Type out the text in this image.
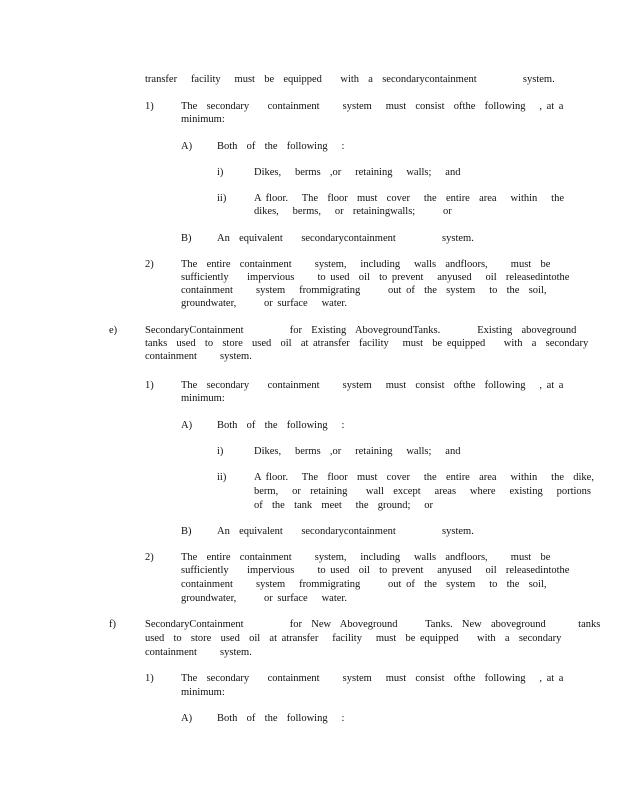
transfer   facility   must  be  equipped    with  a  secondarycontainment          system.
1)	The  secondary    containment     system   must  consist  ofthe  following   , at a
minimum:
A) Both  of  the  following   :
i)	Dikes,   berms  ,or   retaining   walls;   and
ii)	A floor.   The  floor  must  cover   the  entire  area   within   the
dikes,   berms,   or  retainingwalls;      or
B) An  equivalent    secondarycontainment          system.
2)	The  entire  containment     system,   including   walls  andfloors,     must  be
sufficiently    impervious     to used  oil  to prevent   anyused   oil  releasedintothe
containment     system   frommigrating      out of  the  system   to  the  soil,
groundwater,      or surface   water.
e)	SecondaryContainment          for  Existing  AbovegroundTanks.        Existing  aboveground
tanks  used  to  store  used  oil  at atransfer  facility   must  be equipped    with  a  secondary
containment     system.
1)	The  secondary    containment     system   must  consist  ofthe  following   , at a
minimum:
A) Both  of  the  following   :
i)	Dikes,   berms  ,or   retaining   walls;   and
ii)	A floor.   The  floor  must  cover   the  entire  area   within   the  dike,
berm,   or  retaining    wall  except   areas   where   existing   portions
of  the  tank  meet   the  ground;   or
B) An  equivalent    secondarycontainment          system.
2)	The  entire  containment     system,   including   walls  andfloors,     must  be
sufficiently    impervious     to used  oil  to prevent   anyused   oil  releasedintothe
containment     system   frommigrating      out of  the  system   to  the  soil,
groundwater,      or surface   water.
f)	SecondaryContainment          for  New  Aboveground      Tanks.  New  aboveground       tanks
used  to  store  used  oil  at atransfer   facility   must  be equipped    with  a  secondary
containment     system.
1)	The  secondary    containment     system   must  consist  ofthe  following   , at a
minimum:
A) Both  of  the  following   :
